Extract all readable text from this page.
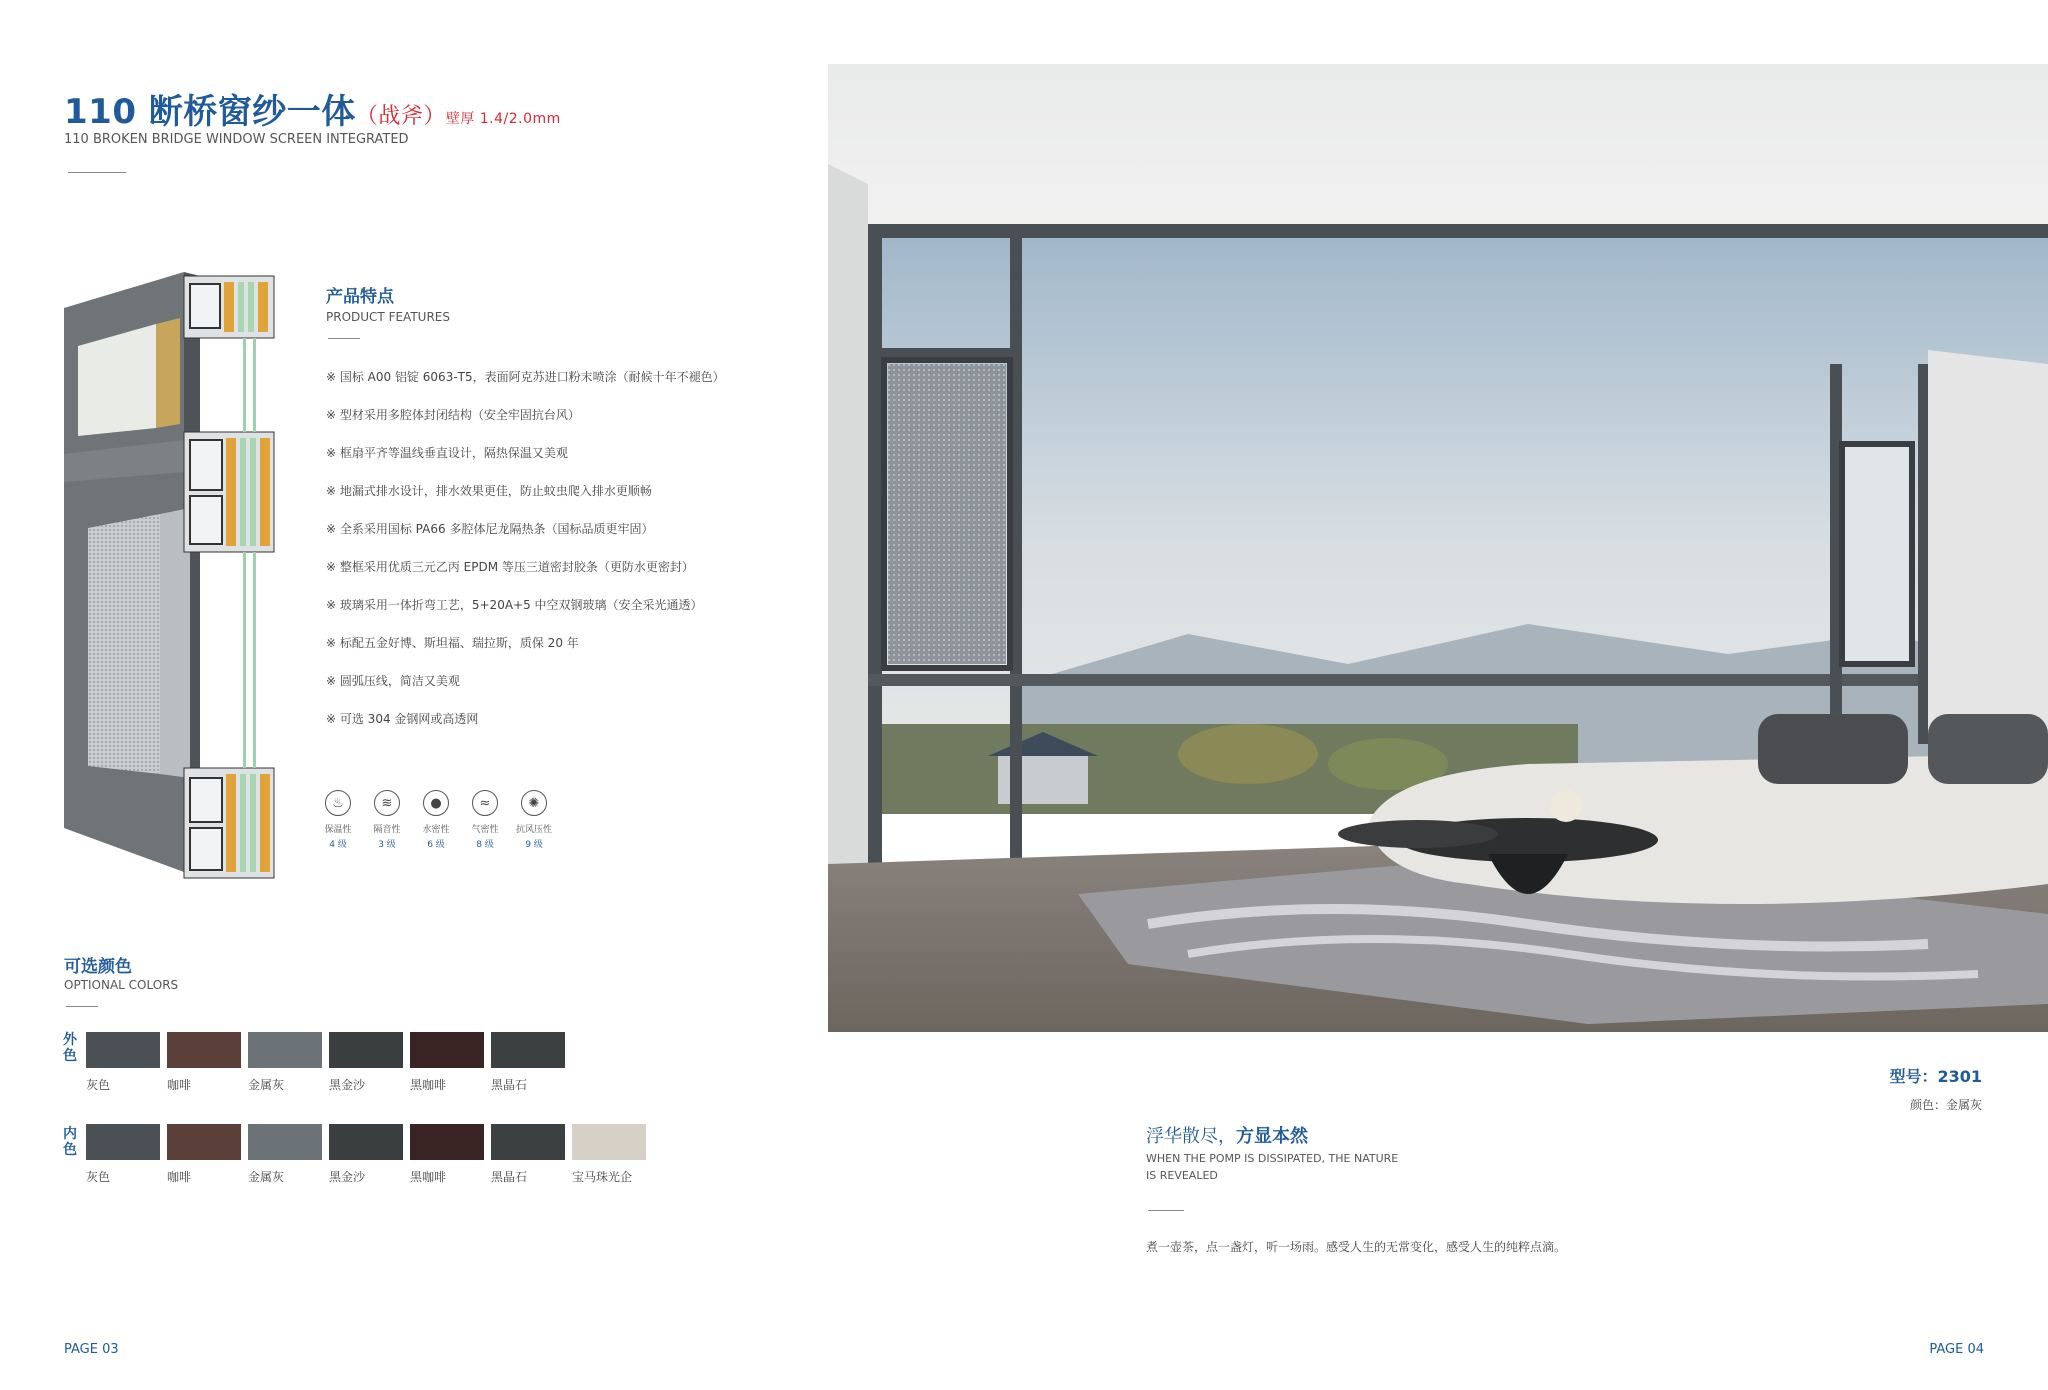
110 断桥窗纱一体（战斧）壁厚 1.4/2.0mm
110 BROKEN BRIDGE WINDOW SCREEN INTEGRATED
产品特点
PRODUCT FEATURES
※ 国标 A00 铝锭 6063-T5，表面阿克苏进口粉末喷涂（耐候十年不褪色）
※ 型材采用多腔体封闭结构（安全牢固抗台风）
※ 框扇平齐等温线垂直设计，隔热保温又美观
※ 地漏式排水设计，排水效果更佳，防止蚊虫爬入排水更顺畅
※ 全系采用国标 PA66 多腔体尼龙隔热条（国标品质更牢固）
※ 整框采用优质三元乙丙 EPDM 等压三道密封胶条（更防水更密封）
※ 玻璃采用一体折弯工艺，5+20A+5 中空双钢玻璃（安全采光通透）
※ 标配五金好博、斯坦福、瑞拉斯，质保 20 年
※ 圆弧压线，简洁又美观
※ 可选 304 金钢网或高透网
♨
保温性
4 级
≋
隔音性
3 级
●
水密性
6 级
≈
气密性
8 级
✺
抗风压性
9 级
可选颜色
OPTIONAL COLORS
外色
内色
灰色	咖啡	金属灰	黑金沙	黑咖啡	黑晶石
灰色	咖啡	金属灰	黑金沙	黑咖啡	黑晶石	宝马珠光企
型号：2301
颜色：金属灰
浮华散尽，方显本然
WHEN THE POMP IS DISSIPATED, THE NATURE
IS REVEALED
煮一壶茶，点一盏灯，听一场雨。感受人生的无常变化，感受人生的纯粹点滴。
PAGE 03	PAGE 04
